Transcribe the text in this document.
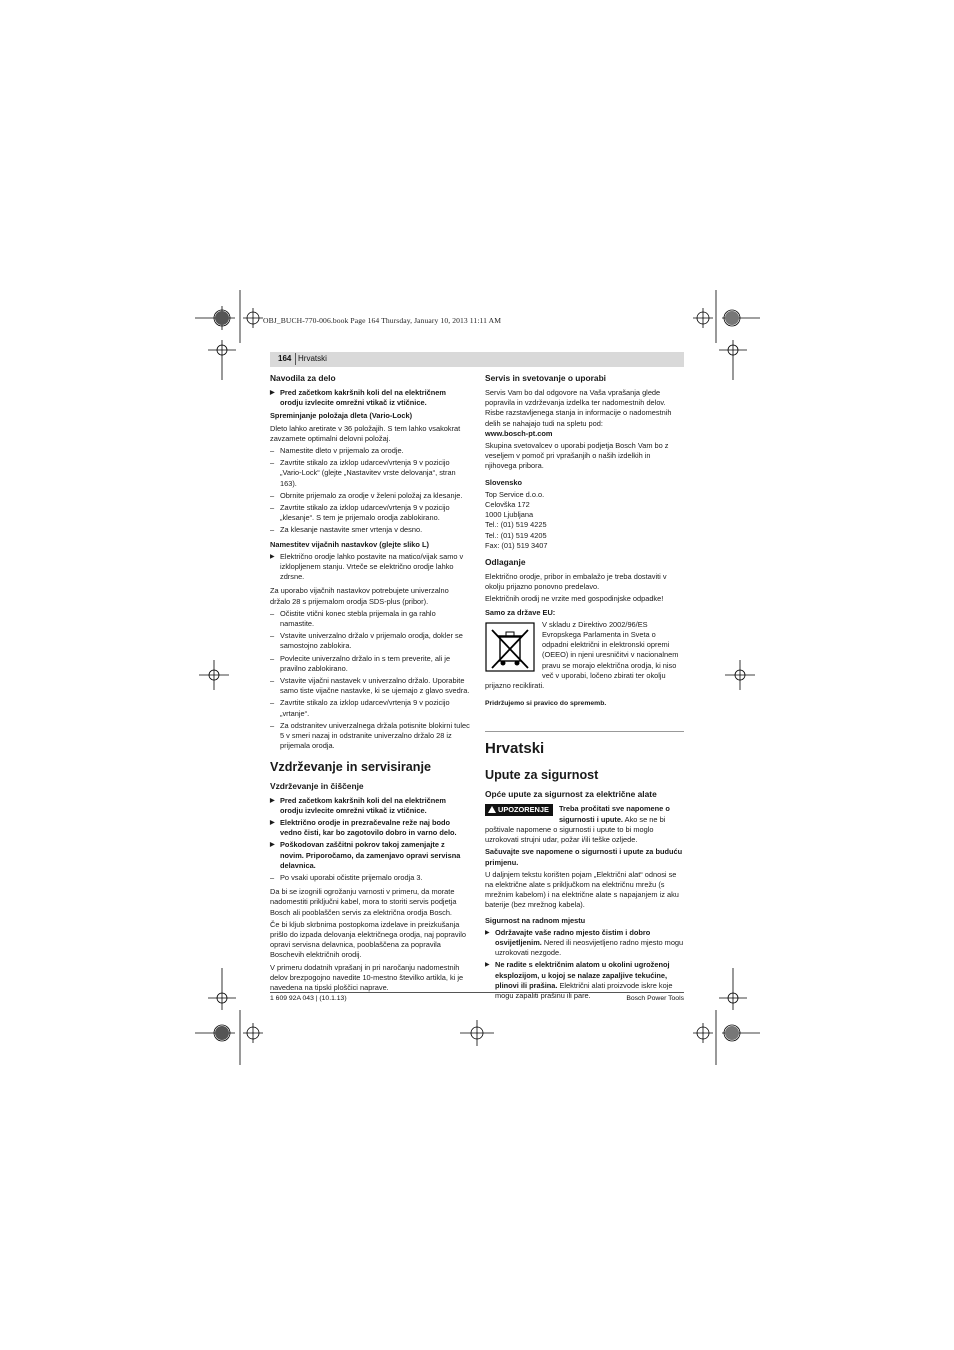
OBJ_BUCH-770-006.book Page 164 Thursday, January 10, 2013 11:11 AM
164 Hrvatski
Navodila za delo

▶ Pred začetkom kakršnih koli del na električnem orodju izvlecite omrežni vtikač iz vtičnice.

Spreminjanje položaja dleta (Vario-Lock)

Dleto lahko aretirate v 36 položajih. S tem lahko vsakokrat zavzamete optimalni delovni položaj.

– Namestite dleto v prijemalo za orodje.

– Zavrtite stikalo za izklop udarcev/vrtenja 9 v pozicijo „Vario-Lock“ (glejte „Nastavitev vrste delovanja“, stran 163).

– Obrnite prijemalo za orodje v želeni položaj za klesanje.

– Zavrtite stikalo za izklop udarcev/vrtenja 9 v pozicijo „klesanje“. S tem je prijemalo orodja zablokirano.

– Za klesanje nastavite smer vrtenja v desno.

Namestitev vijačnih nastavkov (glejte sliko L)

▶ Električno orodje lahko postavite na matico/vijak samo v izklopljenem stanju. Vrtečе se električno orodje lahko zdrsne.

Za uporabo vijačnih nastavkov potrebujete univerzalno držalo 28 s prijemalom orodja SDS-plus (pribor).

– Očistite vtični konec stebla prijemala in ga rahlo namastite.

– Vstavite univerzalno držalo v prijemalo orodja, dokler se samostojno zablokira.

– Povlecite univerzalno držalo in s tem preverite, ali je pravilno zablokirano.

– Vstavite vijačni nastavek v univerzalno držalo. Uporabite samo tiste vijačne nastavke, ki se ujemajo z glavo svedra.

– Zavrtite stikalo za izklop udarcev/vrtenja 9 v pozicijo „vrtanje“.

– Za odstranitev univerzalnega držala potisnite blokirni tulec 5 v smeri nazaj in odstranite univerzalno držalo 28 iz prijemala orodja.

Vzdrževanje in servisiranje
Vzdrževanje in čiščenje

▶ Pred začetkom kakršnih koli del na električnem orodju izvlecite omrežni vtikač iz vtičnice.

▶ Električno orodje in prezračevalne reže naj bodo vedno čisti, kar bo zagotovilo dobro in varno delo.

▶ Poškodovan zaščitni pokrov takoj zamenjajte z novim. Priporočamo, da zamenjavo opravi servisna delavnica.

– Po vsaki uporabi očistite prijemalo orodja 3.

Da bi se izognili ogrožanju varnosti v primeru, da morate nadomestiti priključni kabel, mora to storiti servis podjetja Bosch ali pooblaščen servis za električna orodja Bosch.

Če bi kljub skrbnima postopkoma izdelave in preizkušanja prišlo do izpada delovanja električnega orodja, naj popravilo opravi servisna delavnica, pooblaščena za popravila Boschevih električnih orodij.

V primeru dodatnih vprašanj in pri naročanju nadomestnih delov brezpogojno navedite 10-mestno številko artikla, ki je navedena na tipski ploščici naprave.

Servis in svetovanje o uporabi

Servis Vam bo dal odgovore na Vaša vprašanja glede popravila in vzdrževanja izdelka ter nadomestnih delov. Risbe razstavljenega stanja in informacije o nadomestnih delih se nahajajo tudi na spletu pod:

www.bosch-pt.com

Skupina svetovalcev o uporabi podjetja Bosch Vam bo z veseljem v pomoč pri vprašanjih o naših izdelkih in njihovega pribora.

Slovensko

Top Service d.o.o.

Celovška 172

1000 Ljubljana

Tel.: (01) 519 4225

Tel.: (01) 519 4205

Fax: (01) 519 3407

Odlaganje

Električno orodje, pribor in embalažo je treba dostaviti v okolju prijazno ponovno predelavo.

Električnih orodij ne vrzite med gospodinjske odpadke!

Samo za države EU:

V skladu z Direktivo 2002/96/ES Evropskega Parlamenta in Sveta o odpadni električni in elektronski opremi (OEEO) in njeni uresničitvi v nacionalnem pravu se morajo električna orodja, ki niso več v uporabi, ločeno zbirati ter okolju prijazno reciklirati.

Pridržujemo si pravico do sprememb.

Hrvatski
Upute za sigurnost
Opće upute za sigurnost za električne alate
UPOZORENJE	Treba pročitati sve napomene o sigurnosti i upute. Ako se ne bi poštivale napomene o sigurnosti i upute to bi moglo uzrokovati strujni udar, požar i/ili teške ozljede.

Sačuvajte sve napomene o sigurnosti i upute za buduću primjenu.

U daljnjem tekstu korišten pojam „Električni alat“ odnosi se na električne alate s priključkom na električnu mrežu (s mrežnim kabelom) i na električne alate s napajanjem iz aku baterije (bez mrežnog kabela).

Sigurnost na radnom mjestu

▶ Održavajte vaše radno mjesto čistim i dobro osvijetljenim. Nered ili neosvijetljeno radno mjesto mogu uzrokovati nezgode.

▶ Ne radite s električnim alatom u okolini ugroženoj eksplozijom, u kojoj se nalaze zapaljive tekućine, plinovi ili prašina. Električni alati proizvode iskre koje mogu zapaliti prašinu ili pare.

1 609 92A 043 | (10.1.13)	Bosch Power Tools
